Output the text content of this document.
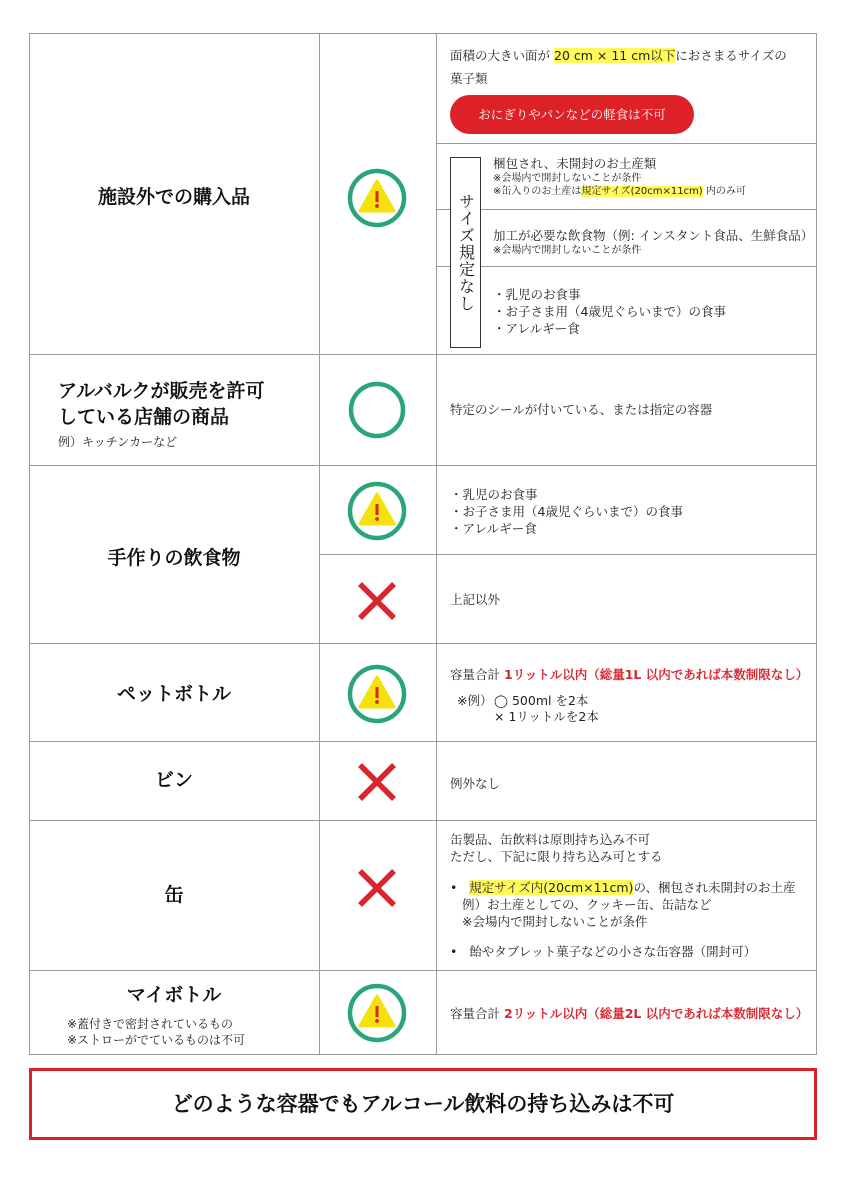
施設外での購入品
面積の大きい面が 20 cm × 11 cm以下におさまるサイズの
菓子類
おにぎりやパンなどの軽食は不可
サイズ規定なし
梱包され、未開封のお土産類
※会場内で開封しないことが条件
※缶入りのお土産は規定サイズ(20cm×11cm) 内のみ可
加工が必要な飲食物（例: インスタント食品、生鮮食品）
※会場内で開封しないことが条件
・乳児のお食事
・お子さま用（4歳児ぐらいまで）の食事
・アレルギー食
アルバルクが販売を許可
している店舗の商品
例）キッチンカーなど
特定のシールが付いている、または指定の容器
手作りの飲食物
・乳児のお食事
・お子さま用（4歳児ぐらいまで）の食事
・アレルギー食
上記以外
ペットボトル
容量合計 1リットル以内（総量1L 以内であれば本数制限なし）
※例） ◯ 500ml を2本
× 1リットルを2本
ビン	例外なし
缶
缶製品、缶飲料は原則持ち込み不可
ただし、下記に限り持ち込み可とする
• 規定サイズ内(20cm×11cm)の、梱包され未開封のお土産
例）お土産としての、クッキー缶、缶詰など
※会場内で開封しないことが条件
• 飴やタブレット菓子などの小さな缶容器（開封可）
マイボトル
※蓋付きで密封されているもの
※ストローがでているものは不可
容量合計 2リットル以内（総量2L 以内であれば本数制限なし）
どのような容器でもアルコール飲料の持ち込みは不可
